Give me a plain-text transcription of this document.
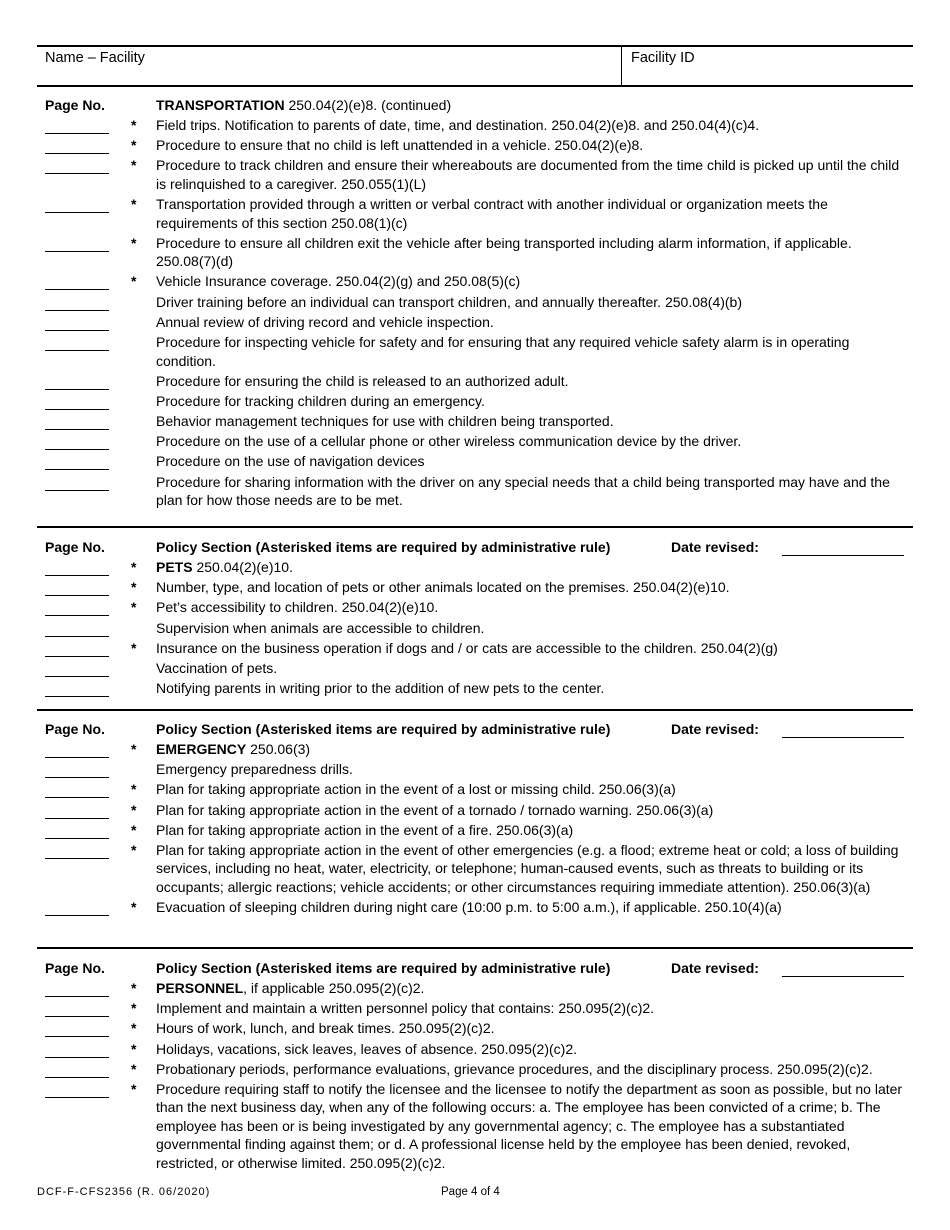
Name – Facility	Facility ID
Page No.	TRANSPORTATION 250.04(2)(e)8. (continued)
* Field trips. Notification to parents of date, time, and destination. 250.04(2)(e)8. and 250.04(4)(c)4.
* Procedure to ensure that no child is left unattended in a vehicle. 250.04(2)(e)8.
* Procedure to track children and ensure their whereabouts are documented from the time child is picked up until the child is relinquished to a caregiver. 250.055(1)(L)
* Transportation provided through a written or verbal contract with another individual or organization meets the requirements of this section 250.08(1)(c)
* Procedure to ensure all children exit the vehicle after being transported including alarm information, if applicable. 250.08(7)(d)
* Vehicle Insurance coverage. 250.04(2)(g) and 250.08(5)(c)
Driver training before an individual can transport children, and annually thereafter. 250.08(4)(b)
Annual review of driving record and vehicle inspection.
Procedure for inspecting vehicle for safety and for ensuring that any required vehicle safety alarm is in operating condition.
Procedure for ensuring the child is released to an authorized adult.
Procedure for tracking children during an emergency.
Behavior management techniques for use with children being transported.
Procedure on the use of a cellular phone or other wireless communication device by the driver.
Procedure on the use of navigation devices
Procedure for sharing information with the driver on any special needs that a child being transported may have and the plan for how those needs are to be met.
Page No.	Policy Section (Asterisked items are required by administrative rule)	Date revised:
* PETS 250.04(2)(e)10.
* Number, type, and location of pets or other animals located on the premises. 250.04(2)(e)10.
* Pet’s accessibility to children. 250.04(2)(e)10.
Supervision when animals are accessible to children.
* Insurance on the business operation if dogs and / or cats are accessible to the children. 250.04(2)(g)
Vaccination of pets.
Notifying parents in writing prior to the addition of new pets to the center.
Page No.	Policy Section (Asterisked items are required by administrative rule)	Date revised:
* EMERGENCY 250.06(3)
Emergency preparedness drills.
* Plan for taking appropriate action in the event of a lost or missing child. 250.06(3)(a)
* Plan for taking appropriate action in the event of a tornado / tornado warning. 250.06(3)(a)
* Plan for taking appropriate action in the event of a fire. 250.06(3)(a)
* Plan for taking appropriate action in the event of other emergencies (e.g. a flood; extreme heat or cold; a loss of building services, including no heat, water, electricity, or telephone; human-caused events, such as threats to building or its occupants; allergic reactions; vehicle accidents; or other circumstances requiring immediate attention). 250.06(3)(a)
* Evacuation of sleeping children during night care (10:00 p.m. to 5:00 a.m.), if applicable. 250.10(4)(a)
Page No.	Policy Section (Asterisked items are required by administrative rule)	Date revised:
* PERSONNEL, if applicable 250.095(2)(c)2.
* Implement and maintain a written personnel policy that contains: 250.095(2)(c)2.
* Hours of work, lunch, and break times. 250.095(2)(c)2.
* Holidays, vacations, sick leaves, leaves of absence. 250.095(2)(c)2.
* Probationary periods, performance evaluations, grievance procedures, and the disciplinary process. 250.095(2)(c)2.
* Procedure requiring staff to notify the licensee and the licensee to notify the department as soon as possible, but no later than the next business day, when any of the following occurs: a. The employee has been convicted of a crime; b. The employee has been or is being investigated by any governmental agency; c. The employee has a substantiated governmental finding against them; or d. A professional license held by the employee has been denied, revoked, restricted, or otherwise limited. 250.095(2)(c)2.
DCF-F-CFS2356 (R. 06/2020)	Page 4 of 4
